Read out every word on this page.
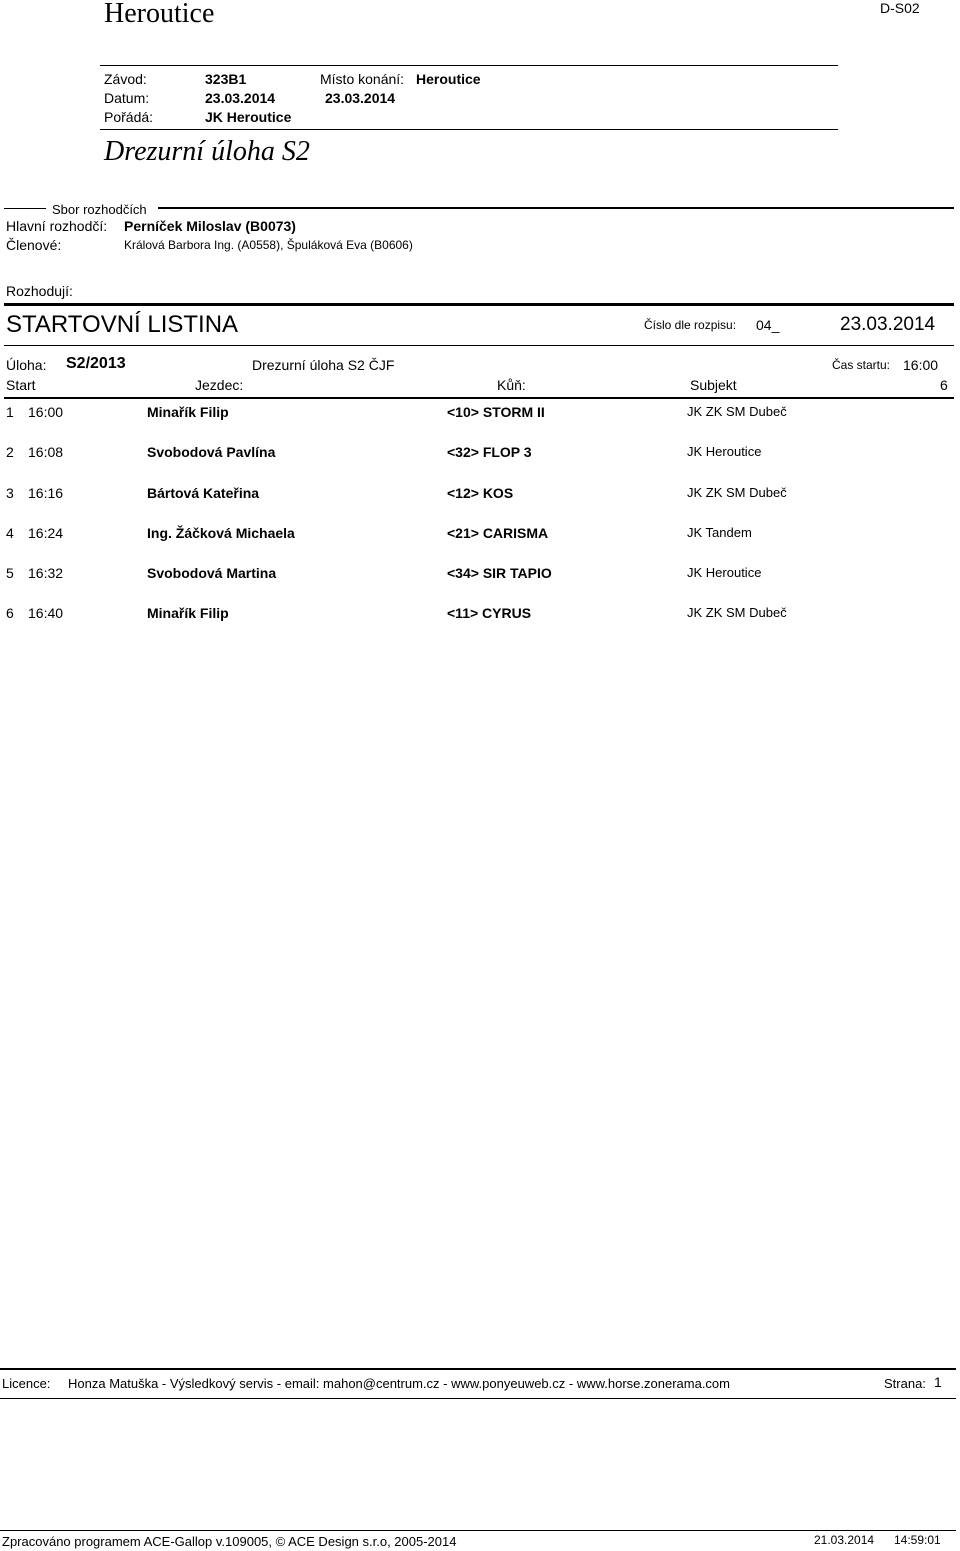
Heroutice	D-S02
Závod:	323B1	Místo konání: Heroutice
Datum:	23.03.2014	23.03.2014
Pořádá:	JK Heroutice
Drezurní úloha S2
Sbor rozhodčích
Hlavní rozhodčí: Perníček Miloslav (B0073)
Členové:	Králová Barbora Ing. (A0558), Špuláková Eva (B0606)
Rozhodují:
STARTOVNÍ LISTINA	Číslo dle rozpisu: 04_	23.03.2014
Úloha: S2/2013	Drezurní úloha S2 ČJF	Čas startu: 16:00
Start	Jezdec:	Kůň:	Subjekt	6
1 16:00	Minařík Filip	<10> STORM II	JK ZK SM Dubeč
2 16:08	Svobodová Pavlína	<32> FLOP 3	JK Heroutice
3 16:16	Bártová Kateřina	<12> KOS	JK ZK SM Dubeč
4 16:24	Ing. Žáčková Michaela	<21> CARISMA	JK Tandem
5 16:32	Svobodová Martina	<34> SIR TAPIO	JK Heroutice
6 16:40	Minařík Filip	<11> CYRUS	JK ZK SM Dubeč
Licence: Honza Matuška - Výsledkový servis - email: mahon@centrum.cz - www.ponyeuweb.cz - www.horse.zonerama.com	Strana: 1
Zpracováno programem ACE-Gallop v.109005, © ACE Design s.r.o, 2005-2014	21.03.2014 14:59:01
